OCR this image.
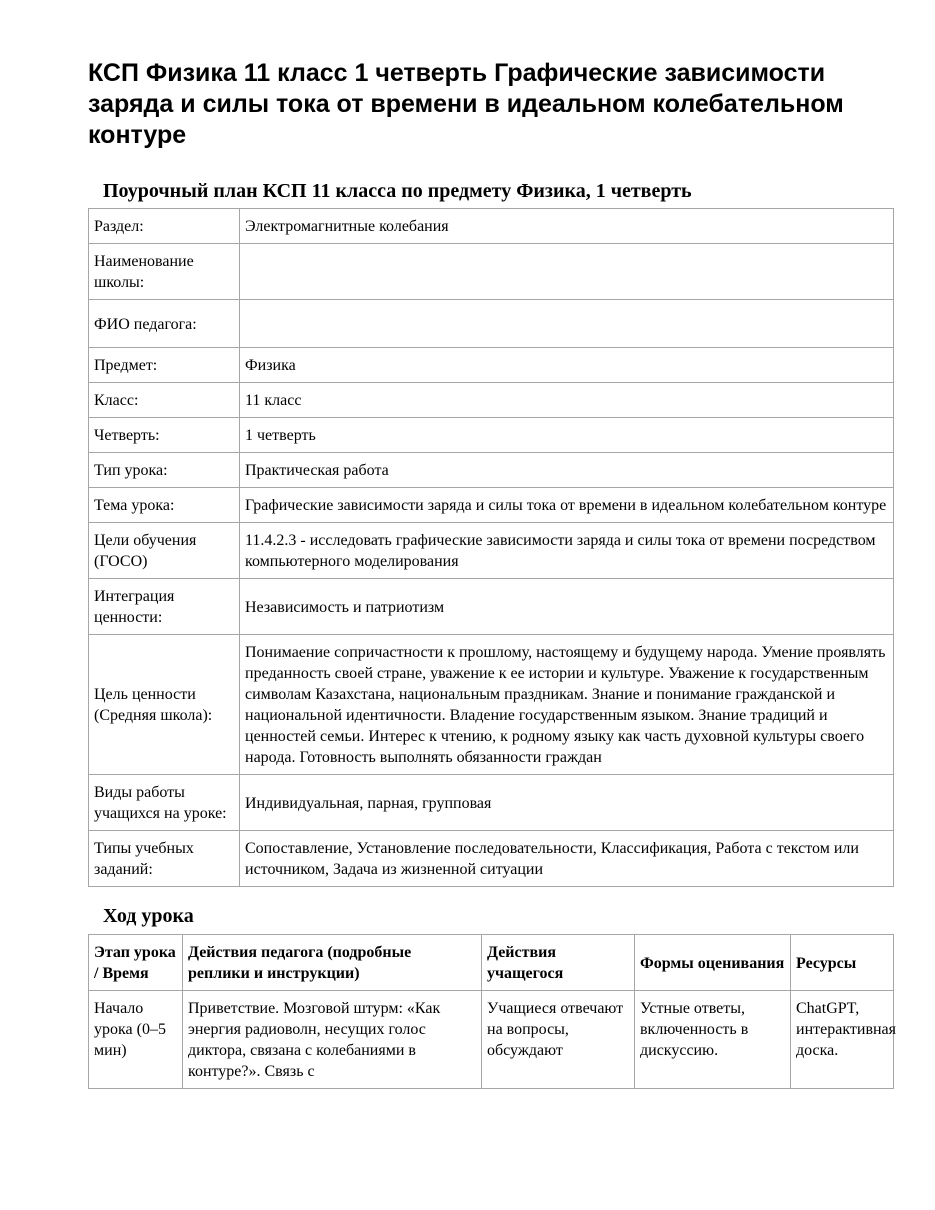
КСП Физика 11 класс 1 четверть Графические зависимости заряда и силы тока от времени в идеальном колебательном контуре
Поурочный план КСП 11 класса по предмету Физика, 1 четверть
Раздел:	Электромагнитные колебания
Наименование школы:	
ФИО педагога:	
Предмет:	Физика
Класс:	11 класс
Четверть:	1 четверть
Тип урока:	Практическая работа
Тема урока:	Графические зависимости заряда и силы тока от времени в идеальном колебательном контуре
Цели обучения (ГОСО)	11.4.2.3 - исследовать графические зависимости заряда и силы тока от времени посредством компьютерного моделирования
Интеграция ценности:	Независимость и патриотизм
Цель ценности (Средняя школа):	Понимаение сопричастности к прошлому, настоящему и будущему народа. Умение проявлять преданность своей стране, уважение к ее истории и культуре. Уважение к государственным символам Казахстана, национальным праздникам. Знание и понимание гражданской и национальной идентичности. Владение государственным языком. Знание традиций и ценностей семьи. Интерес к чтению, к родному языку как часть духовной культуры своего народа. Готовность выполнять обязанности граждан
Виды работы учащихся на уроке:	Индивидуальная, парная, групповая
Типы учебных заданий:	Сопоставление, Установление последовательности, Классификация, Работа с текстом или источником, Задача из жизненной ситуации
Ход урока
Этап урока / Время	Действия педагога (подробные реплики и инструкции)	Действия учащегося	Формы оценивания	Ресурсы
Начало урока (0–5 мин)	Приветствие. Мозговой штурм: «Как энергия радиоволн, несущих голос диктора, связана с колебаниями в контуре?». Связь с	Учащиеся отвечают на вопросы, обсуждают	Устные ответы, включенность в дискуссию.	ChatGPT, интерактивная доска.
